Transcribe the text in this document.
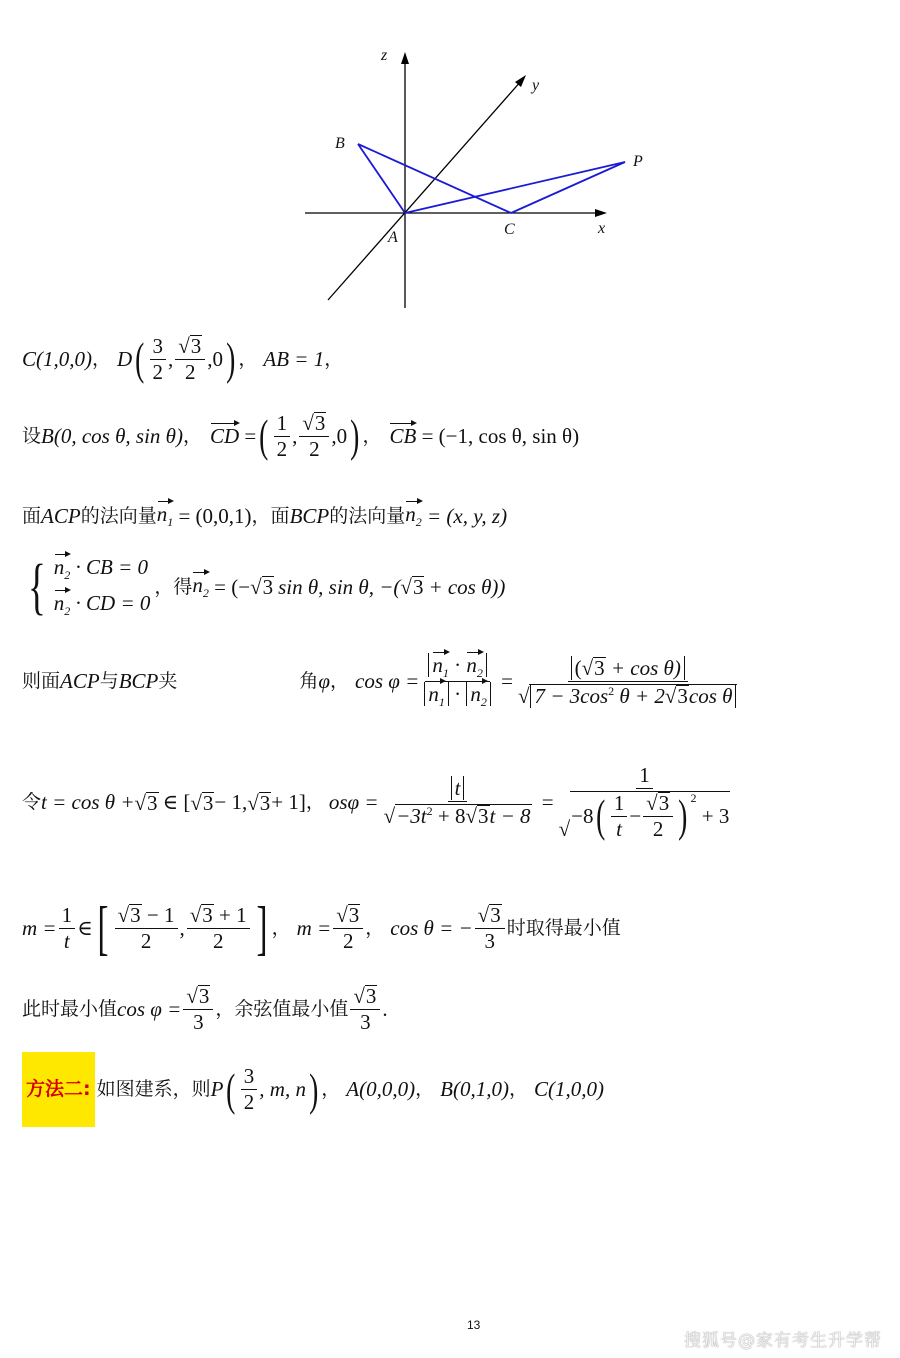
z
y
x
A
B
C
P
C(1,0,0) ， D ( $\frac{3}{2}$ , $\frac{√ 3}{2}$ , 0 ) ， AB = 1 ，
设 B(0, cos θ, sin θ) ， CD = ( $\frac{1}{2}$ , $\frac{√ 3}{2}$ , 0 ) ， CB
= (−1, cos θ, sin θ)
面 ACP 的法向量 $n_1$
= (0,0,1) ，面 BCP 的法向量 $n_2$
= (x, y, z)
{ $n_2$ · CB = 0
$n_2$ · CD = 0
，得 $n_2$
= (− √ 3 sin θ, sin θ, −( √ 3 + cos θ))
则面 ACP 与 BCP 夹	角 φ ， $\cos \varphi = \frac{n_1 \cdot n_2}{n_1 \cdot n_2} = \frac{\text{(√ 3 + cos θ)}}{√ 7 - 3\cos^2 \theta + 2√ 3 \cos \theta}$
令 t = cos θ + √ 3 ∈ [ √ 3 − 1, √ 3 + 1] ， $os\varphi = \frac{t}{√ -3t^2 + 8√ 3 t - 8} = 1$
√
−8 ( $\frac{1}{t} - \frac{√ 3}{2}$ ) $^2$

+ 3
$m = \frac{1}{t}$ ∈ [ $\frac{√ 3 - 1}{2}$ , $\frac{√ 3 + 1}{2}$ ] ， $m = \frac{√ 3}{2}$ ， cos θ = − $\frac{√ 3}{3}$ 时取得最小值
此时最小值 $\cos \varphi = \frac{√ 3}{3}$ ，余弦值最小值 $\frac{√ 3}{3}$ .
方法二: 如图建系，则 P ( $\frac{3}{2}$ , m, n ) ， A(0,0,0) ， B(0,1,0) ， C(1,0,0)
13
搜狐号@家有考生升学帮
